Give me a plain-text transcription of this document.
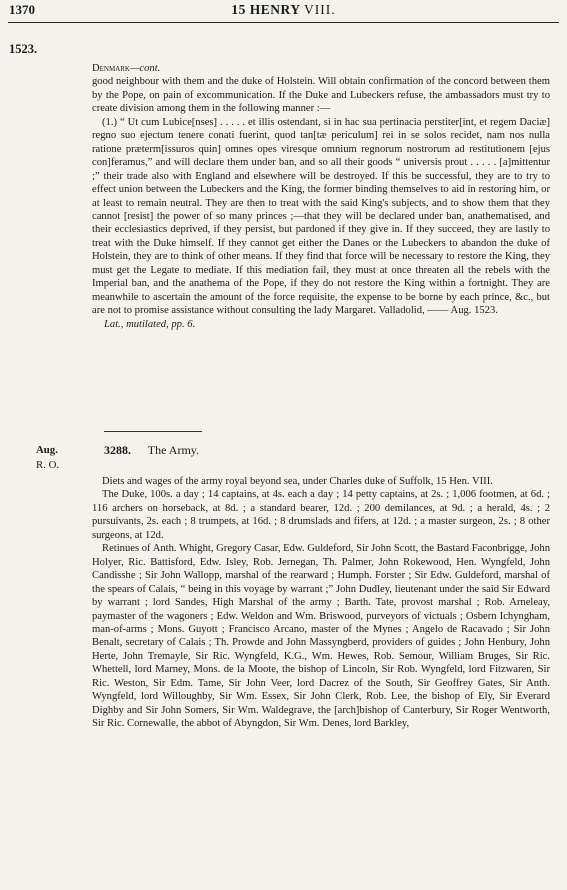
1370	15 HENRY VIII.
1523.

Denmark—cont.

good neighbour with them and the duke of Holstein. Will obtain confirmation of the concord between them by the Pope, on pain of excommunication. If the Duke and Lubeckers refuse, the ambassadors must try to create division among them in the following manner :—

(1.) “ Ut cum Lubice[nses] . . . . . et illis ostendant, si in hac sua pertinacia perstiter[int, et regem Daciæ] regno suo ejectum tenere conati fuerint, quod tan[tæ periculum] rei in se solos recidet, nam nos nulla ratione præterm[issuros quin] omnes opes viresque omnium regnorum nostrorum ad restitutionem [ejus con]feramus,” and will declare them under ban, and so all their goods “ universis prout . . . . . [a]mittentur ;” their trade also with England and elsewhere will be destroyed. If this be successful, they are to try to effect union between the Lubeckers and the King, the former binding themselves to aid in restoring him, or at least to remain neutral. They are then to treat with the said King's subjects, and to show them that they cannot [resist] the power of so many princes ;—that they will be declared under ban, anathematised, and their ecclesiastics deprived, if they persist, but pardoned if they give in. If they succeed, they are lastly to treat with the Duke himself. If they cannot get either the Danes or the Lubeckers to abandon the duke of Holstein, they are to think of other means. If they find that force will be necessary to restore the King, they must get the Legate to mediate. If this mediation fail, they must at once threaten all the rebels with the Imperial ban, and the anathema of the Pope, if they do not restore the King within a fortnight. They are meanwhile to ascertain the amount of the force requisite, the expense to be borne by each prince, &c., but are not to promise assistance without consulting the lady Margaret. Valladolid, —— Aug. 1523.

Lat., mutilated, pp. 6.

Aug.
R. O.
3288. The Army.

Diets and wages of the army royal beyond sea, under Charles duke of Suffolk, 15 Hen. VIII.

The Duke, 100s. a day ; 14 captains, at 4s. each a day ; 14 petty captains, at 2s. ; 1,006 footmen, at 6d. ; 116 archers on horseback, at 8d. ; a standard bearer, 12d. ; 200 demilances, at 9d. ; a herald, 4s. ; 2 pursuivants, 2s. each ; 8 trumpets, at 16d. ; 8 drumslads and fifers, at 12d. ; a master surgeon, 2s. ; 8 other surgeons, at 12d.

Retinues of Anth. Whight, Gregory Casar, Edw. Guldeford, Sir John Scott, the Bastard Faconbrigge, John Holyer, Ric. Battisford, Edw. Isley, Rob. Jernegan, Th. Palmer, John Rokewood, Hen. Wyngfeld, John Candisshe ; Sir John Wallopp, marshal of the rearward ; Humph. Forster ; Sir Edw. Guldeford, marshal of the spears of Calais, “ being in this voyage by warrant ;” John Dudley, lieutenant under the said Sir Edward by warrant ; lord Sandes, High Marshal of the army ; Barth. Tate, provost marshal ; Rob. Arneleay, paymaster of the wagoners ; Edw. Weldon and Wm. Briswood, purveyors of victuals ; Osbern Ichyngham, man-of-arms ; Mons. Guyott ; Francisco Arcano, master of the Mynes ; Angelo de Racavado ; Sir John Benalt, secretary of Calais ; Th. Prowde and John Massyngberd, providers of guides ; John Henbury, John Herte, John Tremayle, Sir Ric. Wyngfeld, K.G., Wm. Hewes, Rob. Semour, William Bruges, Sir Ric. Whettell, lord Marney, Mons. de la Moote, the bishop of Lincoln, Sir Rob. Wyngfeld, lord Fitzwaren, Sir Ric. Weston, Sir Edm. Tame, Sir John Veer, lord Dacrez of the South, Sir Geoffrey Gates, Sir Anth. Wyngfeld, lord Willoughby, Sir Wm. Essex, Sir John Clerk, Rob. Lee, the bishop of Ely, Sir Everard Dighby and Sir John Somers, Sir Wm. Waldegrave, the [arch]bishop of Canterbury, Sir Roger Wentworth, Sir Ric. Cornewalle, the abbot of Abyngdon, Sir Wm. Denes, lord Barkley,
